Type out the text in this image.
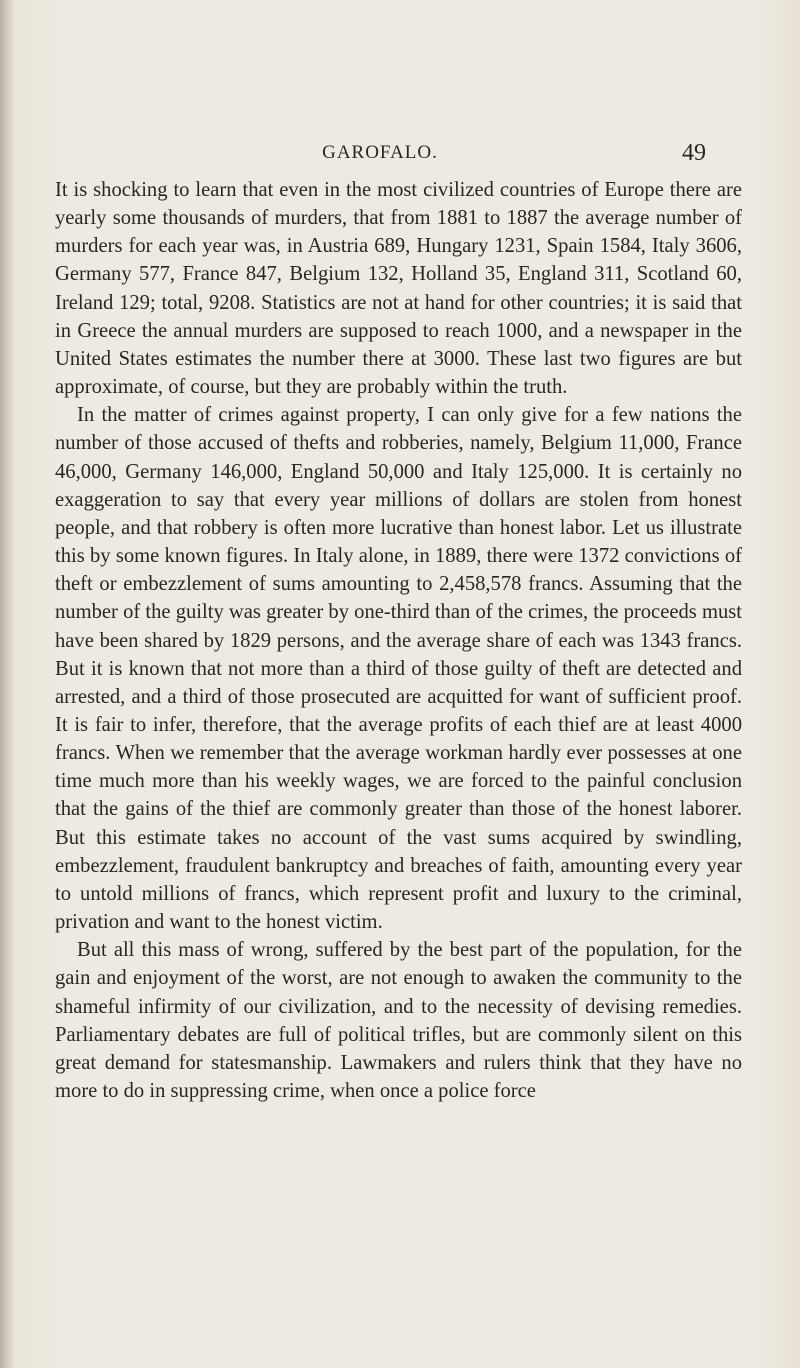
GAROFALO.	49

It is shocking to learn that even in the most civilized countries of Europe there are yearly some thousands of murders, that from 1881 to 1887 the average number of murders for each year was, in Austria 689, Hungary 1231, Spain 1584, Italy 3606, Germany 577, France 847, Belgium 132, Holland 35, England 311, Scotland 60, Ireland 129; total, 9208. Statistics are not at hand for other countries; it is said that in Greece the annual murders are supposed to reach 1000, and a newspaper in the United States estimates the number there at 3000. These last two figures are but approximate, of course, but they are probably within the truth.

In the matter of crimes against property, I can only give for a few nations the number of those accused of thefts and robberies, namely, Belgium 11,000, France 46,000, Germany 146,000, England 50,000 and Italy 125,000. It is certainly no exaggeration to say that every year millions of dollars are stolen from honest people, and that robbery is often more lucrative than honest labor. Let us illustrate this by some known figures. In Italy alone, in 1889, there were 1372 convictions of theft or embezzlement of sums amounting to 2,458,578 francs. Assuming that the number of the guilty was greater by one-third than of the crimes, the proceeds must have been shared by 1829 persons, and the average share of each was 1343 francs. But it is known that not more than a third of those guilty of theft are detected and arrested, and a third of those prosecuted are acquitted for want of sufficient proof. It is fair to infer, therefore, that the average profits of each thief are at least 4000 francs. When we remember that the average workman hardly ever possesses at one time much more than his weekly wages, we are forced to the painful conclusion that the gains of the thief are commonly greater than those of the honest laborer. But this estimate takes no account of the vast sums acquired by swindling, embezzlement, fraudulent bankruptcy and breaches of faith, amounting every year to untold millions of francs, which represent profit and luxury to the criminal, privation and want to the honest victim.

But all this mass of wrong, suffered by the best part of the population, for the gain and enjoyment of the worst, are not enough to awaken the community to the shameful infirmity of our civilization, and to the necessity of devising remedies. Parliamentary debates are full of political trifles, but are commonly silent on this great demand for statesmanship. Lawmakers and rulers think that they have no more to do in suppressing crime, when once a police force
